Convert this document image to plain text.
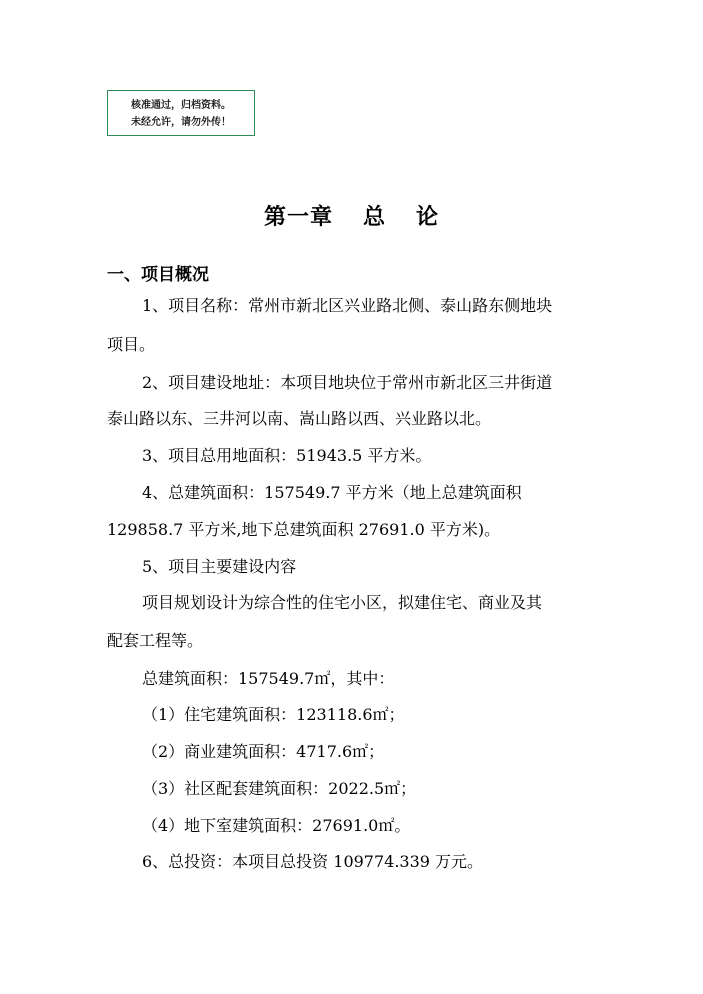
核准通过，归档资料。
未经允许，请勿外传！
第一章 总 论
一、项目概况
1、项目名称：常州市新北区兴业路北侧、泰山路东侧地块
项目。
2、项目建设地址：本项目地块位于常州市新北区三井街道
泰山路以东、三井河以南、嵩山路以西、兴业路以北。
3、项目总用地面积：51943.5 平方米。
4、总建筑面积：157549.7 平方米（地上总建筑面积
129858.7 平方米,地下总建筑面积 27691.0 平方米)。
5、项目主要建设内容
项目规划设计为综合性的住宅小区，拟建住宅、商业及其
配套工程等。
总建筑面积：157549.7㎡，其中：
（1）住宅建筑面积：123118.6㎡；
（2）商业建筑面积：4717.6㎡；
（3）社区配套建筑面积：2022.5㎡；
（4）地下室建筑面积：27691.0㎡。
6、总投资：本项目总投资 109774.339 万元。
